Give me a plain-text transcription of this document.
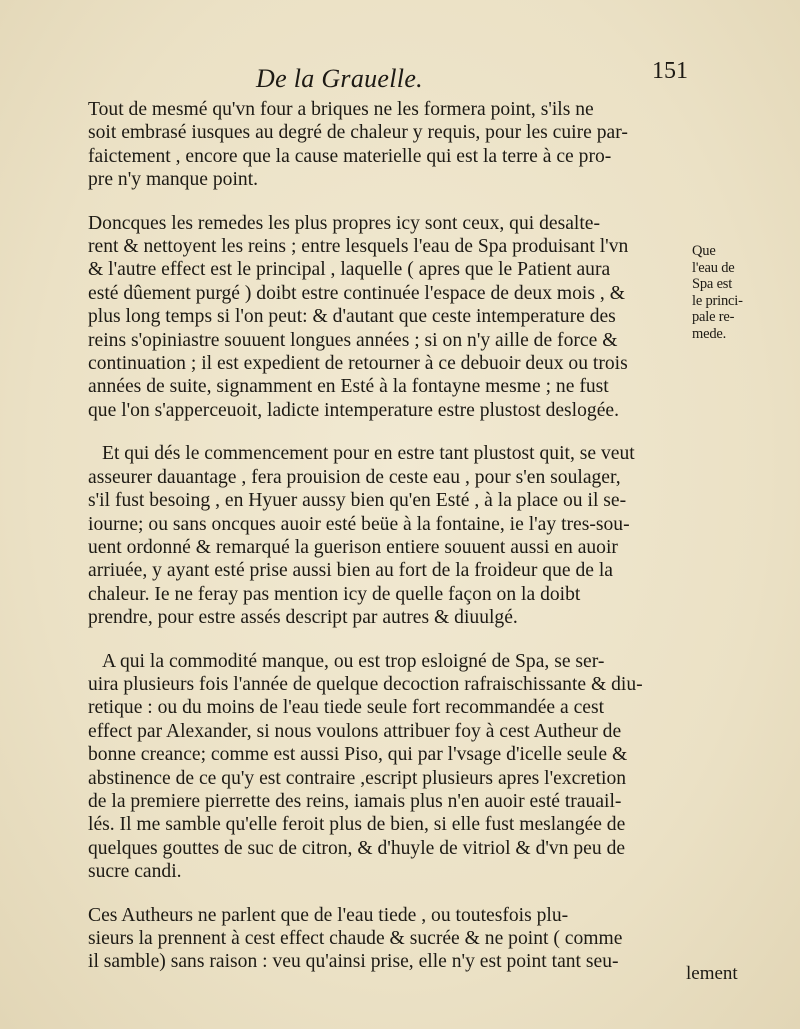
De la Grauelle.	151
Tout de mesmé qu'vn four a briques ne les formera point, s'ils ne
soit embrasé iusques au degré de chaleur y requis, pour les cuire par-
faictement , encore que la cause materielle qui est la terre à ce pro-
pre n'y manque point.
Doncques les remedes les plus propres icy sont ceux, qui desalte-
rent & nettoyent les reins ; entre lesquels l'eau de Spa produisant l'vn
& l'autre effect est le principal , laquelle ( apres que le Patient aura
esté dûement purgé ) doibt estre continuée l'espace de deux mois , &
plus long temps si l'on peut: & d'autant que ceste intemperature des
reins s'opiniastre souuent longues années ; si on n'y aille de force &
continuation ; il est expedient de retourner à ce debuoir deux ou trois
années de suite, signamment en Esté à la fontayne mesme ; ne fust
que l'on s'apperceuoit, ladicte intemperature estre plustost deslogée.
Et qui dés le commencement pour en estre tant plustost quit, se veut
asseurer dauantage , fera prouision de ceste eau , pour s'en soulager,
s'il fust besoing , en Hyuer aussy bien qu'en Esté , à la place ou il se-
iourne; ou sans oncques auoir esté beüe à la fontaine, ie l'ay tres-sou-
uent ordonné & remarqué la guerison entiere souuent aussi en auoir
arriuée, y ayant esté prise aussi bien au fort de la froideur que de la
chaleur. Ie ne feray pas mention icy de quelle façon on la doibt
prendre, pour estre assés descript par autres & diuulgé.
A qui la commodité manque, ou est trop esloigné de Spa, se ser-
uira plusieurs fois l'année de quelque decoction rafraischissante & diu-
retique : ou du moins de l'eau tiede seule fort recommandée a cest
effect par Alexander, si nous voulons attribuer foy à cest Autheur de
bonne creance; comme est aussi Piso, qui par l'vsage d'icelle seule &
abstinence de ce qu'y est contraire ,escript plusieurs apres l'excretion
de la premiere pierrette des reins, iamais plus n'en auoir esté trauail-
lés. Il me samble qu'elle feroit plus de bien, si elle fust meslangée de
quelques gouttes de suc de citron, & d'huyle de vitriol & d'vn peu de
sucre candi.
Ces Autheurs ne parlent que de l'eau tiede , ou toutesfois plu-
sieurs la prennent à cest effect chaude & sucrée & ne point ( comme
il samble) sans raison : veu qu'ainsi prise, elle n'y est point tant seu-
Que
l'eau de
Spa est
le princi-
pale re-
mede.
lement
